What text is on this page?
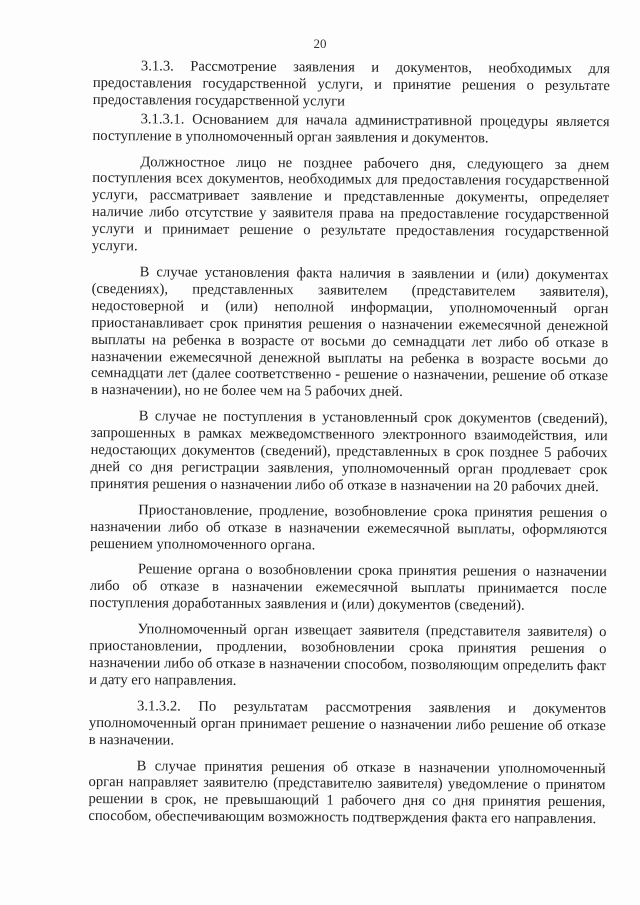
20

3.1.3. Рассмотрение заявления и документов, необходимых для предоставления государственной услуги, и принятие решения о результате предоставления государственной услуги

3.1.3.1. Основанием для начала административной процедуры является поступление в уполномоченный орган заявления и документов.

Должностное лицо не позднее рабочего дня, следующего за днем поступления всех документов, необходимых для предоставления государственной услуги, рассматривает заявление и представленные документы, определяет наличие либо отсутствие у заявителя права на предоставление государственной услуги и принимает решение о результате предоставления государственной услуги.

В случае установления факта наличия в заявлении и (или) документах (сведениях), представленных заявителем (представителем заявителя), недостоверной и (или) неполной информации, уполномоченный орган приостанавливает срок принятия решения о назначении ежемесячной денежной выплаты на ребенка в возрасте от восьми до семнадцати лет либо об отказе в назначении ежемесячной денежной выплаты на ребенка в возрасте восьми до семнадцати лет (далее соответственно - решение о назначении, решение об отказе в назначении), но не более чем на 5 рабочих дней.

В случае не поступления в установленный срок документов (сведений), запрошенных в рамках межведомственного электронного взаимодействия, или недостающих документов (сведений), представленных в срок позднее 5 рабочих дней со дня регистрации заявления, уполномоченный орган продлевает срок принятия решения о назначении либо об отказе в назначении на 20 рабочих дней.

Приостановление, продление, возобновление срока принятия решения о назначении либо об отказе в назначении ежемесячной выплаты, оформляются решением уполномоченного органа.

Решение органа о возобновлении срока принятия решения о назначении либо об отказе в назначении ежемесячной выплаты принимается после поступления доработанных заявления и (или) документов (сведений).

Уполномоченный орган извещает заявителя (представителя заявителя) о приостановлении, продлении, возобновлении срока принятия решения о назначении либо об отказе в назначении способом, позволяющим определить факт и дату его направления.

3.1.3.2. По результатам рассмотрения заявления и документов уполномоченный орган принимает решение о назначении либо решение об отказе в назначении.

В случае принятия решения об отказе в назначении уполномоченный орган направляет заявителю (представителю заявителя) уведомление о принятом решении в срок, не превышающий 1 рабочего дня со дня принятия решения, способом, обеспечивающим возможность подтверждения факта его направления.
